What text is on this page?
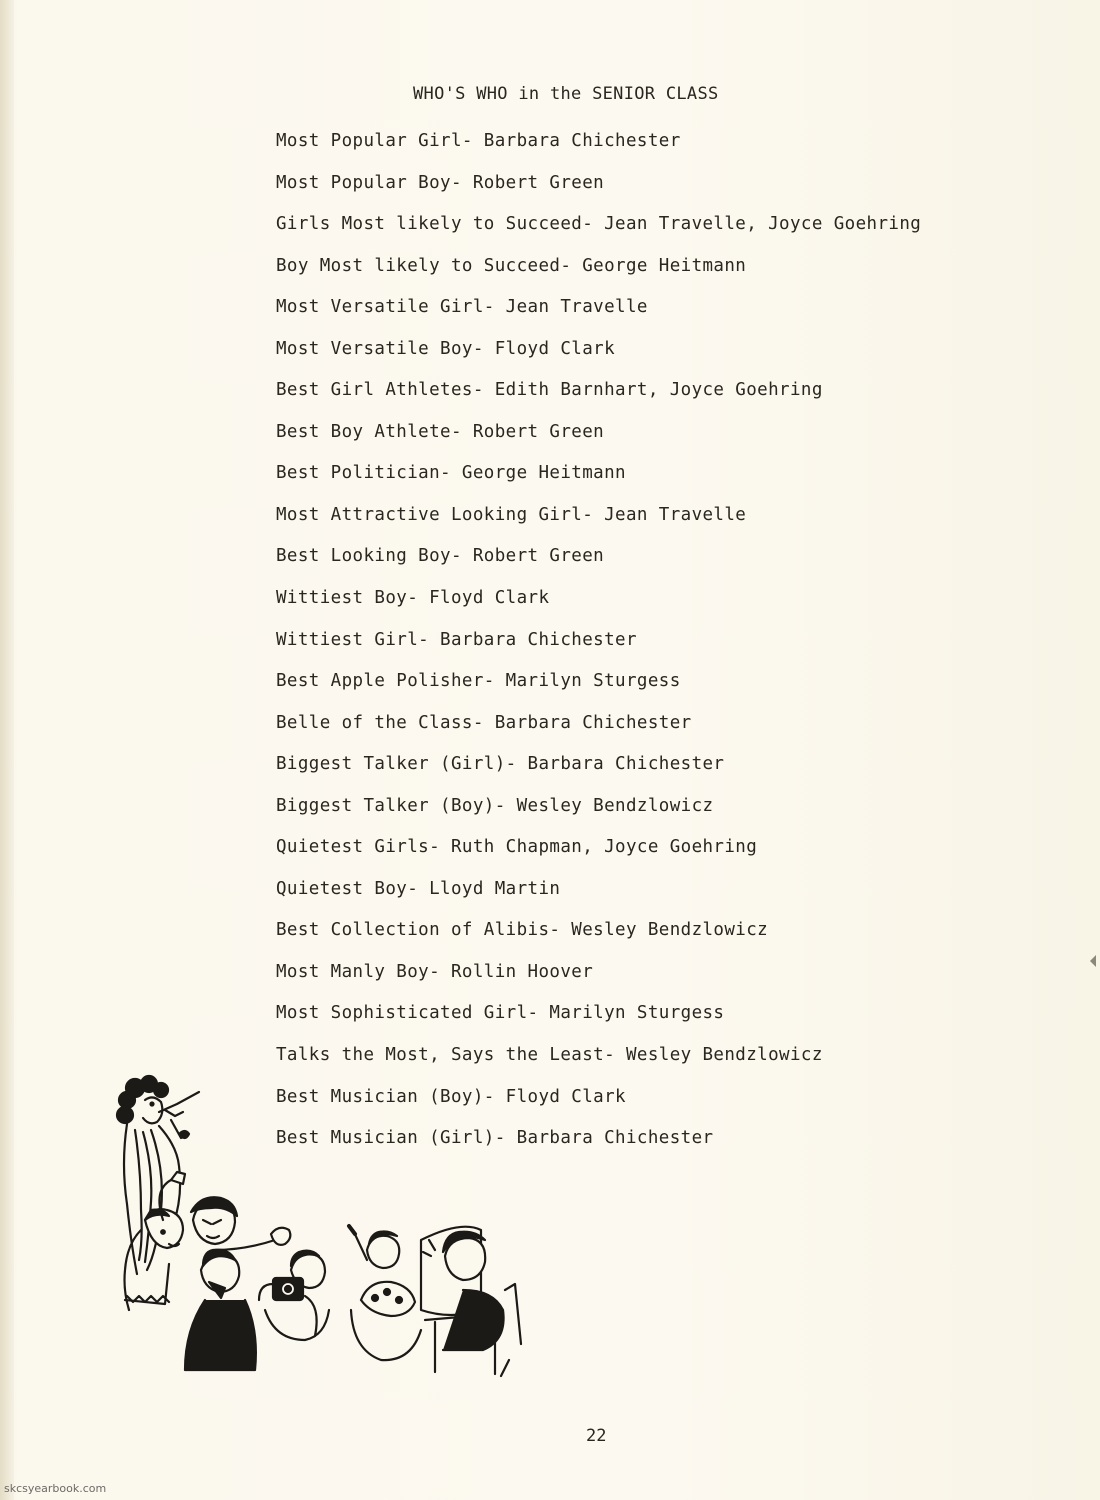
WHO'S WHO in the SENIOR CLASS
Most Popular Girl- Barbara Chichester
Most Popular Boy- Robert Green
Girls Most likely to Succeed- Jean Travelle, Joyce Goehring
Boy Most likely to Succeed- George Heitmann
Most Versatile Girl- Jean Travelle
Most Versatile Boy- Floyd Clark
Best Girl Athletes- Edith Barnhart, Joyce Goehring
Best Boy Athlete- Robert Green
Best Politician- George Heitmann
Most Attractive Looking Girl- Jean Travelle
Best Looking Boy- Robert Green
Wittiest Boy- Floyd Clark
Wittiest Girl- Barbara Chichester
Best Apple Polisher- Marilyn Sturgess
Belle of the Class- Barbara Chichester
Biggest Talker (Girl)- Barbara Chichester
Biggest Talker (Boy)- Wesley Bendzlowicz
Quietest Girls- Ruth Chapman, Joyce Goehring
Quietest Boy- Lloyd Martin
Best Collection of Alibis- Wesley Bendzlowicz
Most Manly Boy- Rollin Hoover
Most Sophisticated Girl- Marilyn Sturgess
Talks the Most, Says the Least- Wesley Bendzlowicz
Best Musician (Boy)- Floyd Clark
Best Musician (Girl)- Barbara Chichester
22
skcsyearbook.com
